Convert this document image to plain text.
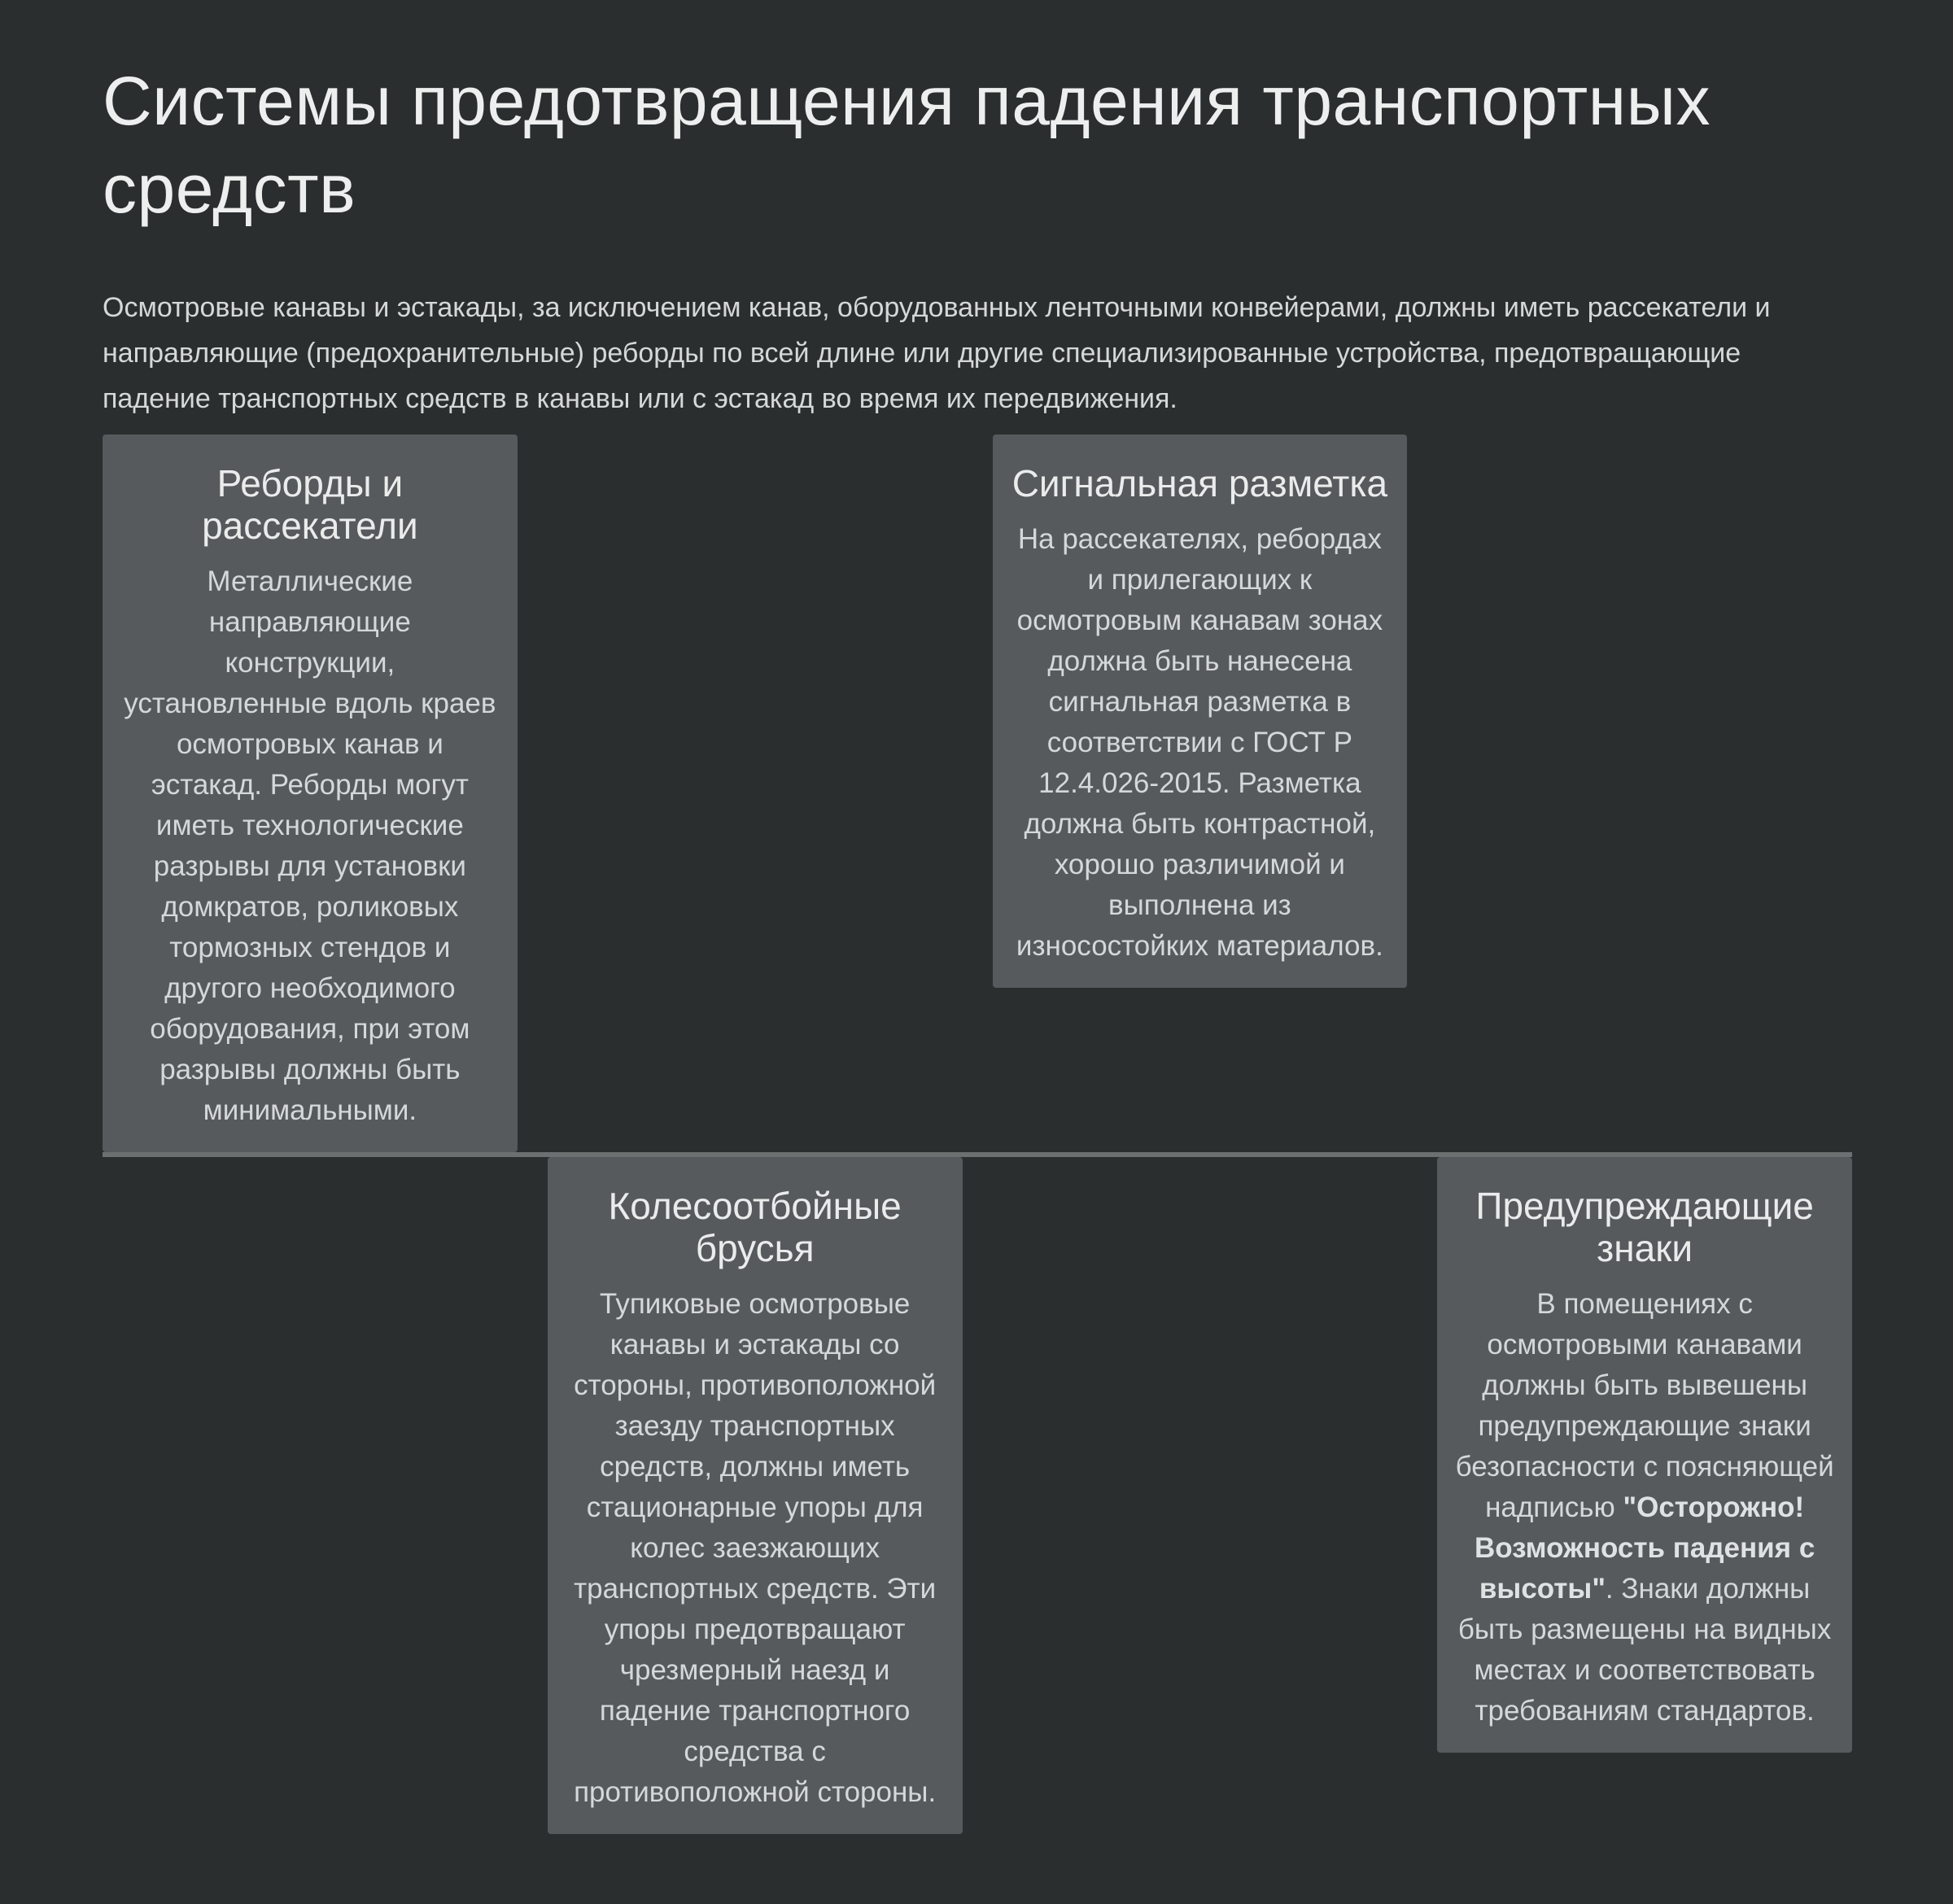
Системы предотвращения падения транспортных средств

Осмотровые канавы и эстакады, за исключением канав, оборудованных ленточными конвейерами, должны иметь рассекатели и направляющие (предохранительные) реборды по всей длине или другие специализированные устройства, предотвращающие падение транспортных средств в канавы или с эстакад во время их передвижения.

Реборды и рассекатели

Металлические направляющие конструкции, установленные вдоль краев осмотровых канав и эстакад. Реборды могут иметь технологические разрывы для установки домкратов, роликовых тормозных стендов и другого необходимого оборудования, при этом разрывы должны быть минимальными.

Сигнальная разметка

На рассекателях, ребордах и прилегающих к осмотровым канавам зонах должна быть нанесена сигнальная разметка в соответствии с ГОСТ Р 12.4.026-2015. Разметка должна быть контрастной, хорошо различимой и выполнена из износостойких материалов.

Колесоотбойные брусья

Тупиковые осмотровые канавы и эстакады со стороны, противоположной заезду транспортных средств, должны иметь стационарные упоры для колес заезжающих транспортных средств. Эти упоры предотвращают чрезмерный наезд и падение транспортного средства с противоположной стороны.

Предупреждающие знаки

В помещениях с осмотровыми канавами должны быть вывешены предупреждающие знаки безопасности с поясняющей надписью "Осторожно! Возможность падения с высоты". Знаки должны быть размещены на видных местах и соответствовать требованиям стандартов.
